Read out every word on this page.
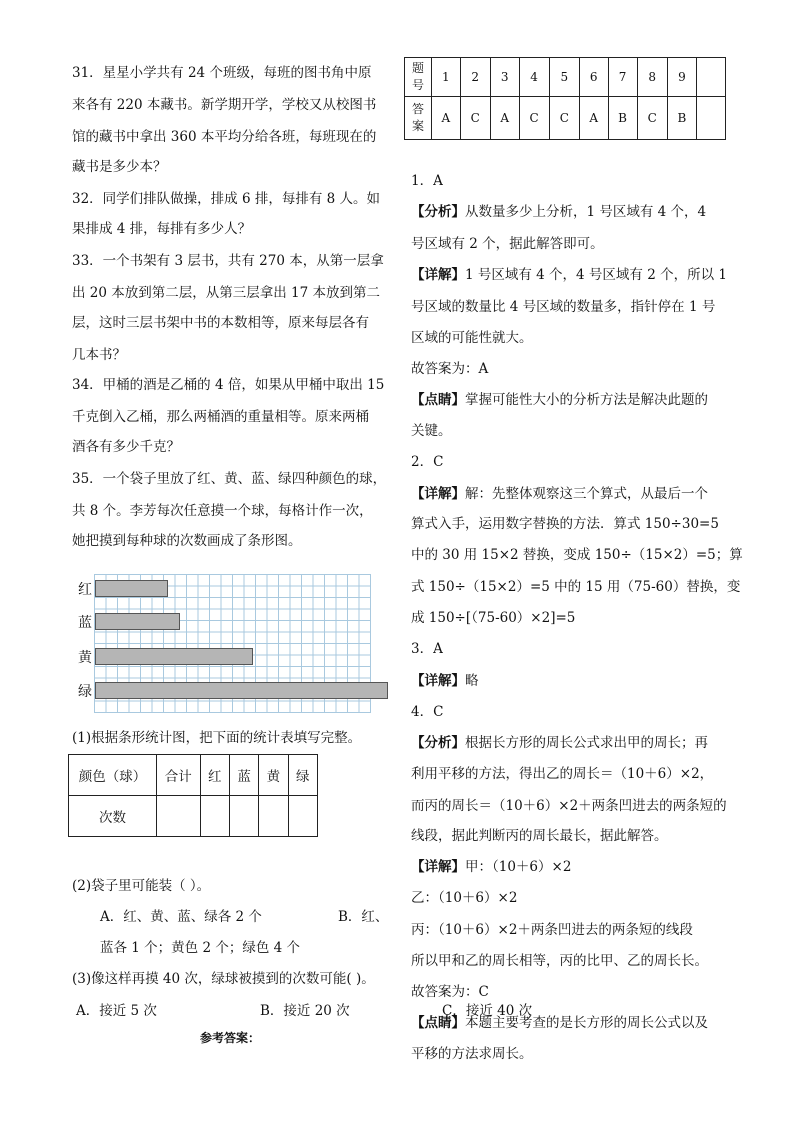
31．星星小学共有 24 个班级，每班的图书角中原
来各有 220 本藏书。新学期开学，学校又从校图书
馆的藏书中拿出 360 本平均分给各班，每班现在的
藏书是多少本？
32．同学们排队做操，排成 6 排，每排有 8 人。如
果排成 4 排，每排有多少人？
33．一个书架有 3 层书，共有 270 本，从第一层拿
出 20 本放到第二层，从第三层拿出 17 本放到第二
层，这时三层书架中书的本数相等，原来每层各有
几本书？
34．甲桶的酒是乙桶的 4 倍，如果从甲桶中取出 15
千克倒入乙桶，那么两桶酒的重量相等。原来两桶
酒各有多少千克？
35．一个袋子里放了红、黄、蓝、绿四种颜色的球，
共 8 个。李芳每次任意摸一个球，每格计作一次，
她把摸到每种球的次数画成了条形图。
红
蓝
黄
绿
(1)根据条形统计图，把下面的统计表填写完整。
颜色（球）	合计	红	蓝	黄	绿
次数					
(2)袋子里可能装（ ）。
A．红、黄、蓝、绿各 2 个	B．红、
蓝各 1 个；黄色 2 个；绿色 4 个
(3)像这样再摸 40 次，绿球被摸到的次数可能( )。
A．接近 5 次	B．接近 20 次	C．接近 40 次
参考答案：
题
号	1	2	3	4	5	6	7	8	9	
答
案	A	C	A	C	C	A	B	C	B	
1．A
【分析】从数量多少上分析，1 号区域有 4 个，4
号区域有 2 个，据此解答即可。
【详解】1 号区域有 4 个，4 号区域有 2 个，所以 1
号区域的数量比 4 号区域的数量多，指针停在 1 号
区域的可能性就大。
故答案为：A
【点睛】掌握可能性大小的分析方法是解决此题的
关键。
2．C
【详解】解：先整体观察这三个算式，从最后一个
算式入手，运用数字替换的方法．算式 150÷30=5
中的 30 用 15×2 替换，变成 150÷（15×2）=5；算
式 150÷（15×2）=5 中的 15 用（75-60）替换，变
成 150÷[（75-60）×2]=5
3．A
【详解】略
4．C
【分析】根据长方形的周长公式求出甲的周长；再
利用平移的方法，得出乙的周长＝（10＋6）×2，
而丙的周长＝（10＋6）×2＋两条凹进去的两条短的
线段，据此判断丙的周长最长，据此解答。
【详解】甲：（10＋6）×2
乙：（10＋6）×2
丙：（10＋6）×2＋两条凹进去的两条短的线段
所以甲和乙的周长相等，丙的比甲、乙的周长长。
故答案为：C
【点睛】本题主要考查的是长方形的周长公式以及
平移的方法求周长。
